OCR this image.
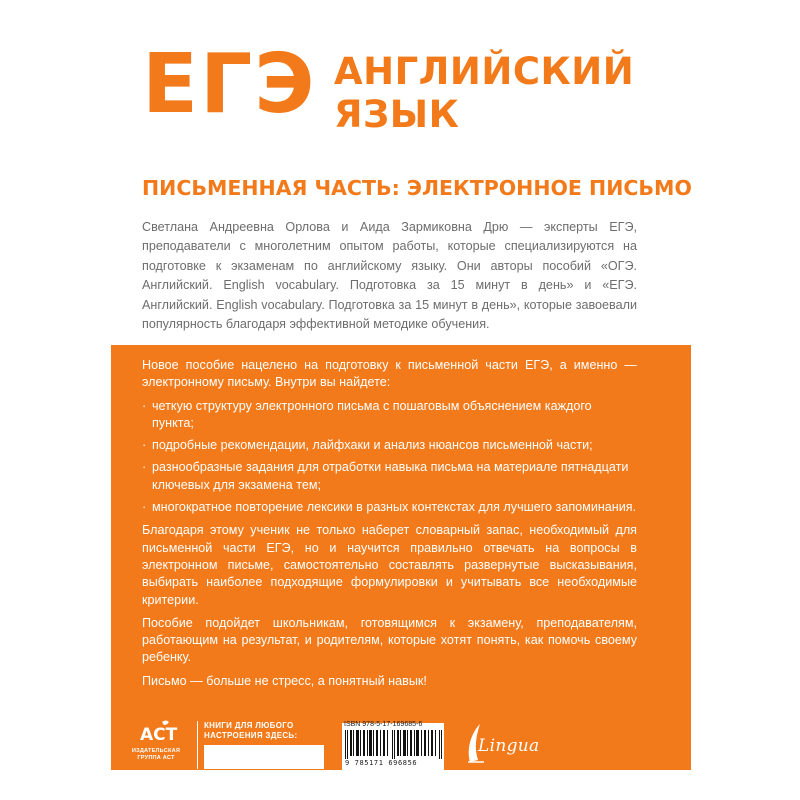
ЕГЭ АНГЛИЙСКИЙ
ЯЗЫК
ПИСЬМЕННАЯ ЧАСТЬ: ЭЛЕКТРОННОЕ ПИСЬМО
Светлана Андреевна Орлова и Аида Зармиковна Дрю — эксперты ЕГЭ, преподаватели с многолетним опытом работы, которые специализируются на подготовке к экзаменам по английскому языку. Они авторы пособий «ОГЭ. Английский. English vocabulary. Подготовка за 15 минут в день» и «ЕГЭ. Английский. English vocabulary. Подготовка за 15 минут в день», которые завоевали популярность благодаря эффективной методике обучения.

Новое пособие нацелено на подготовку к письменной части ЕГЭ, а именно — электронному письму. Внутри вы найдете:

· четкую структуру электронного письма с пошаговым объяснением каждого пункта;
· подробные рекомендации, лайфхаки и анализ нюансов письменной части;
· разнообразные задания для отработки навыка письма на материале пятнадцати ключевых для экзамена тем;
· многократное повторение лексики в разных контекстах для лучшего запоминания.

Благодаря этому ученик не только наберет словарный запас, необходимый для письменной части ЕГЭ, но и научится правильно отвечать на вопросы в электронном письме, самостоятельно составлять развернутые высказывания, выбирать наиболее подходящие формулировки и учитывать все необходимые критерии.

Пособие подойдет школьникам, готовящимся к экзамену, преподавателям, работающим на результат, и родителям, которые хотят понять, как помочь своему ребенку.

Письмо — больше не стресс, а понятный навык!

АСТ
ИЗДАТЕЛЬСКАЯ ГРУППА АСТ
КНИГИ ДЛЯ ЛЮБОГО
НАСТРОЕНИЯ ЗДЕСЬ:
ISBN 978-5-17-169685-6
9 785171 696856
Lingua
